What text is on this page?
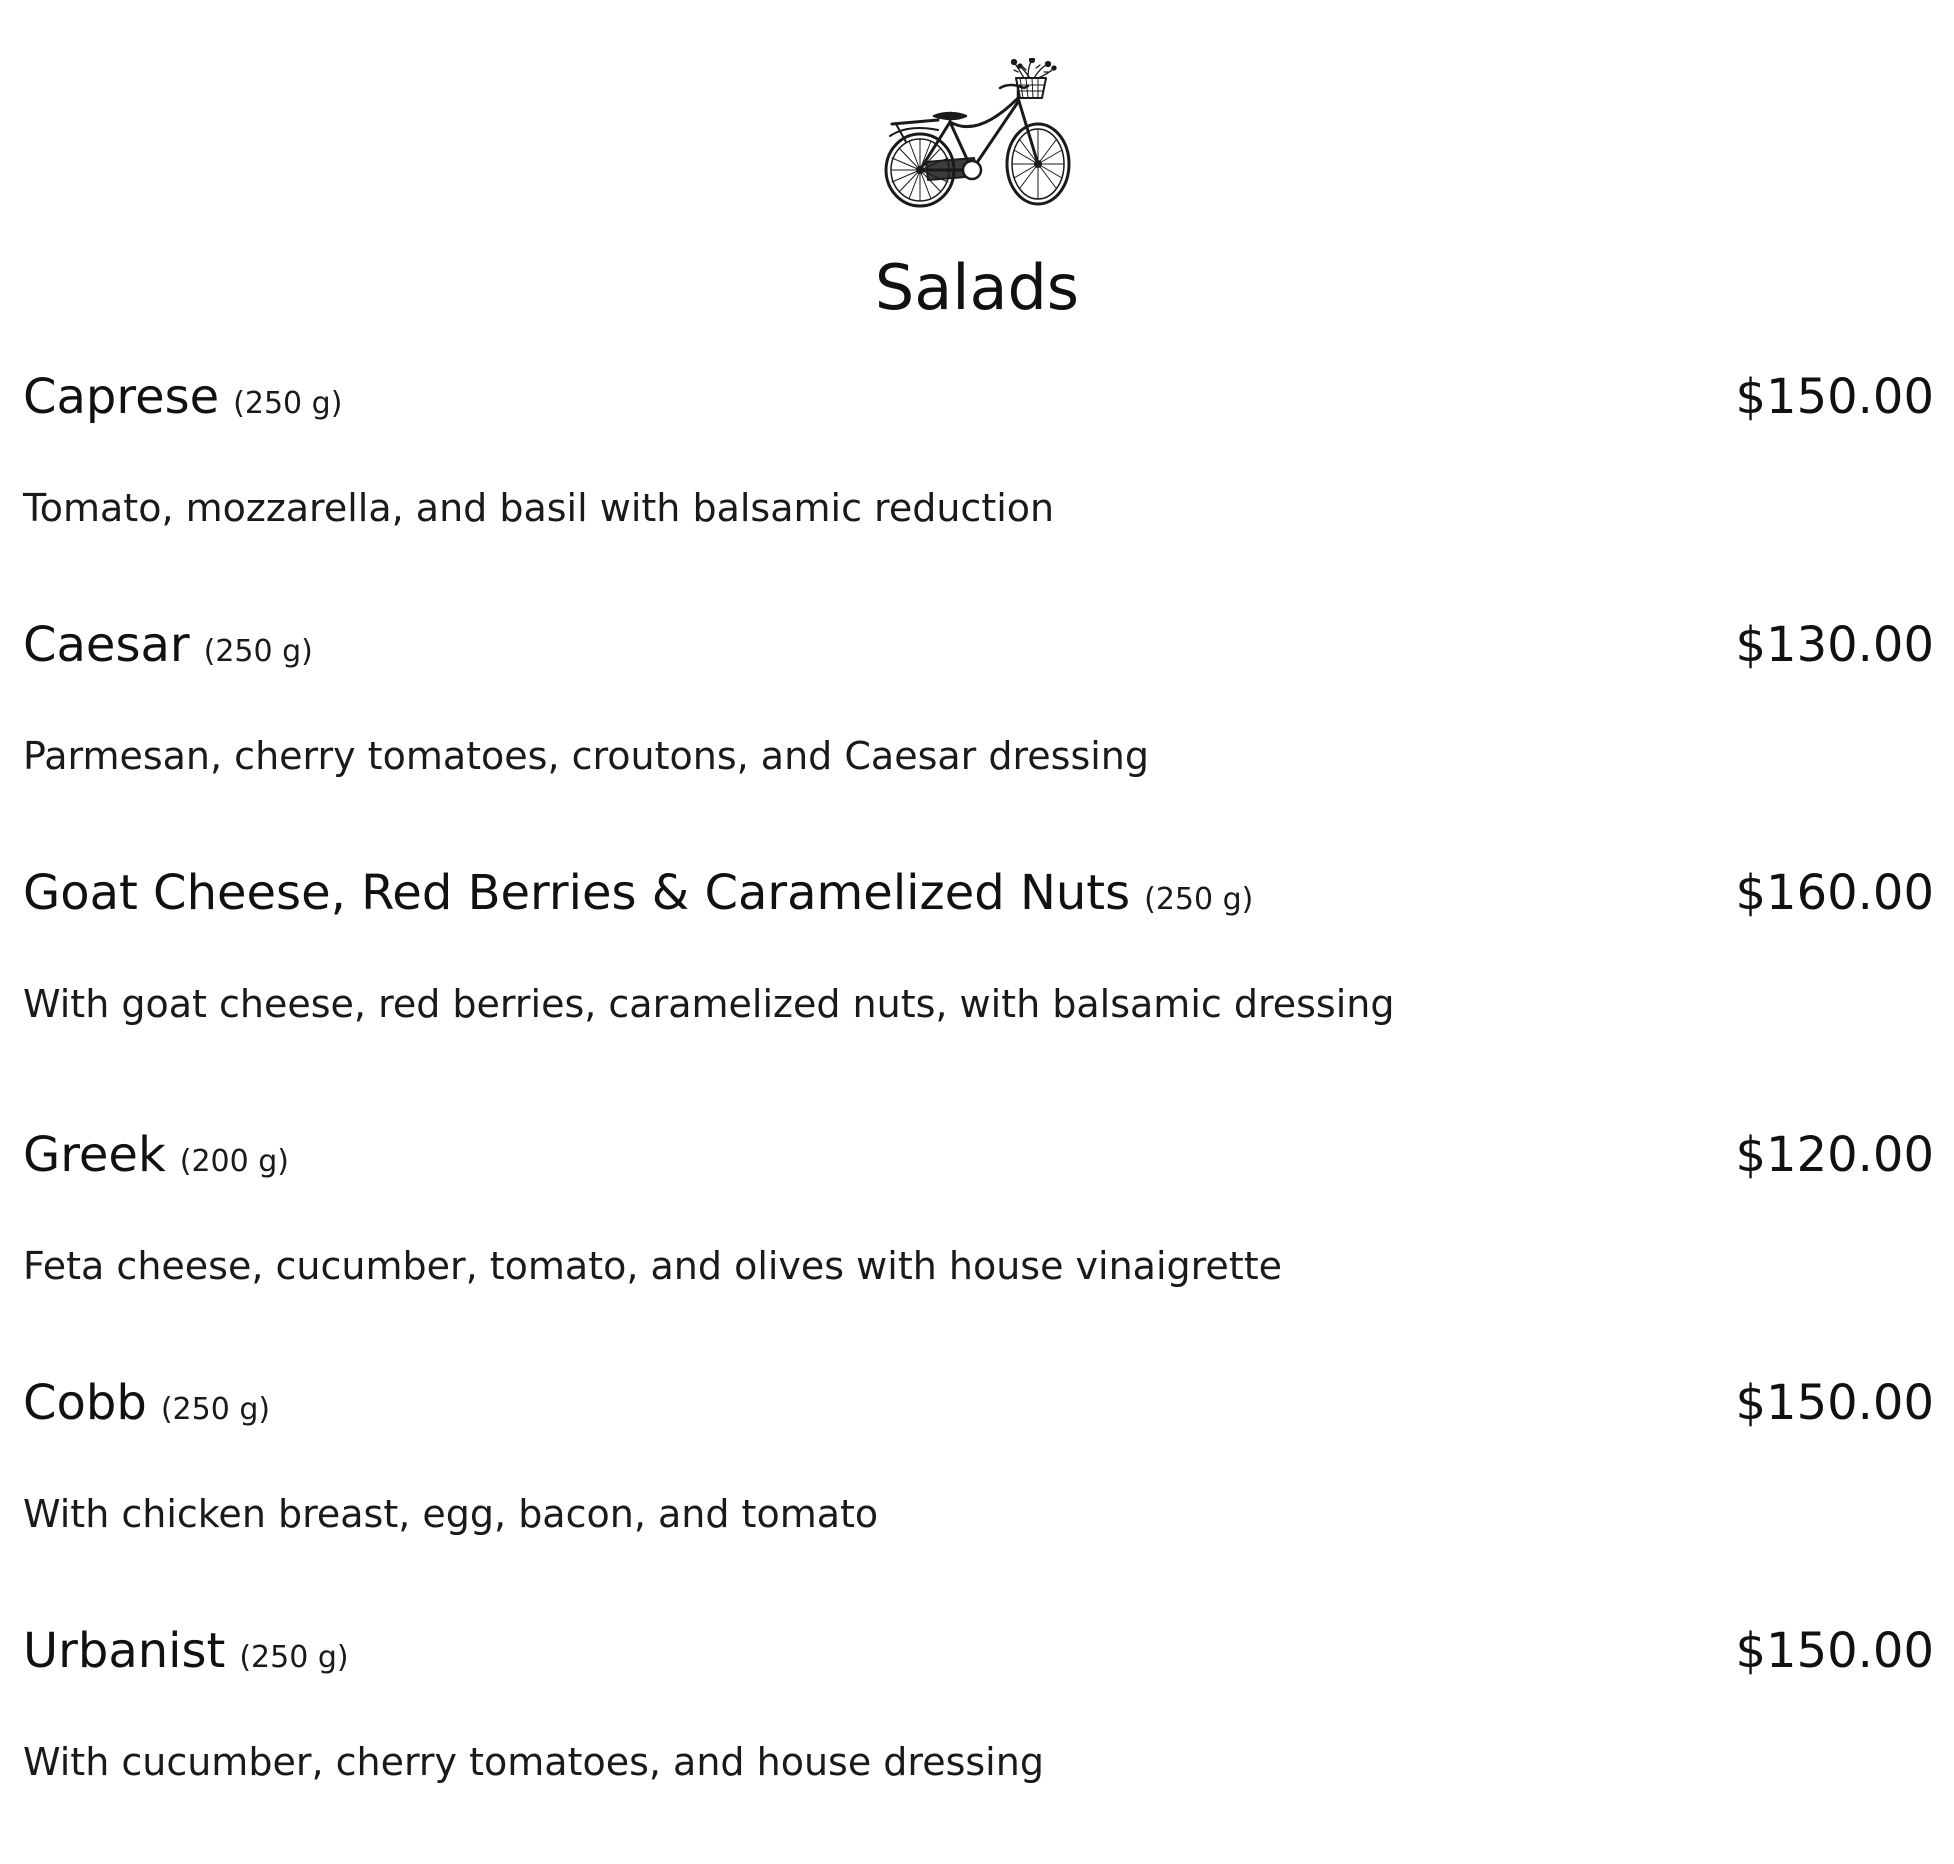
Salads
Caprese (250 g)	$150.00
Tomato, mozzarella, and basil with balsamic reduction
Caesar (250 g)	$130.00
Parmesan, cherry tomatoes, croutons, and Caesar dressing
Goat Cheese, Red Berries & Caramelized Nuts (250 g)	$160.00
With goat cheese, red berries, caramelized nuts, with balsamic dressing
Greek (200 g)	$120.00
Feta cheese, cucumber, tomato, and olives with house vinaigrette
Cobb (250 g)	$150.00
With chicken breast, egg, bacon, and tomato
Urbanist (250 g)	$150.00
With cucumber, cherry tomatoes, and house dressing
